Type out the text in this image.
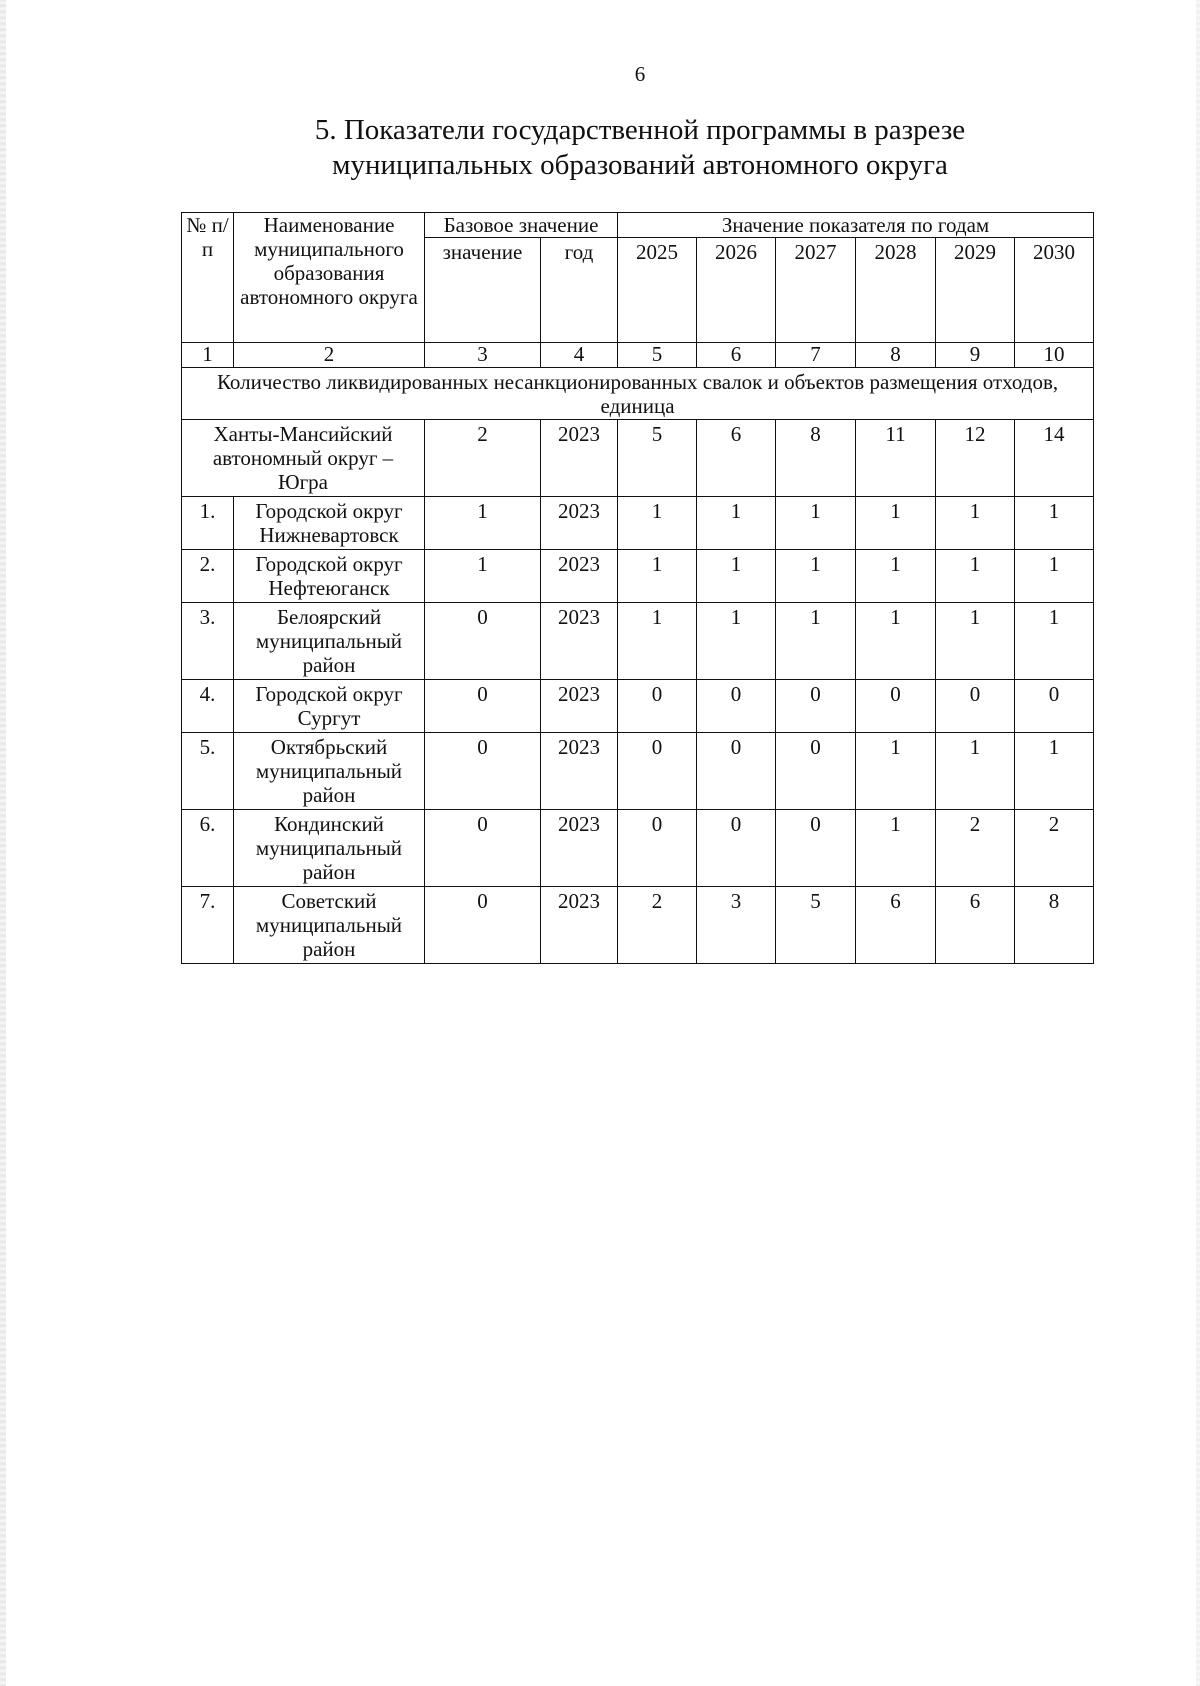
6
5. Показатели государственной программы в разрезе
муниципальных образований автономного округа
№ п/п	Наименование муниципального образования автономного округа	Базовое значение		Значение показателя по годам					
		значение	год	2025	2026	2027	2028	2029	2030
1	2	3	4	5	6	7	8	9	10
Количество ликвидированных несанкционированных свалок и объектов размещения отходов, единица									
Ханты-Мансийский автономный округ – Югра		2	2023	5	6	8	11	12	14
1.	Городской округ Нижневартовск	1	2023	1	1	1	1	1	1
2.	Городской округ Нефтеюганск	1	2023	1	1	1	1	1	1
3.	Белоярский муниципальный район	0	2023	1	1	1	1	1	1
4.	Городской округ Сургут	0	2023	0	0	0	0	0	0
5.	Октябрьский муниципальный район	0	2023	0	0	0	1	1	1
6.	Кондинский муниципальный район	0	2023	0	0	0	1	2	2
7.	Советский муниципальный район	0	2023	2	3	5	6	6	8
